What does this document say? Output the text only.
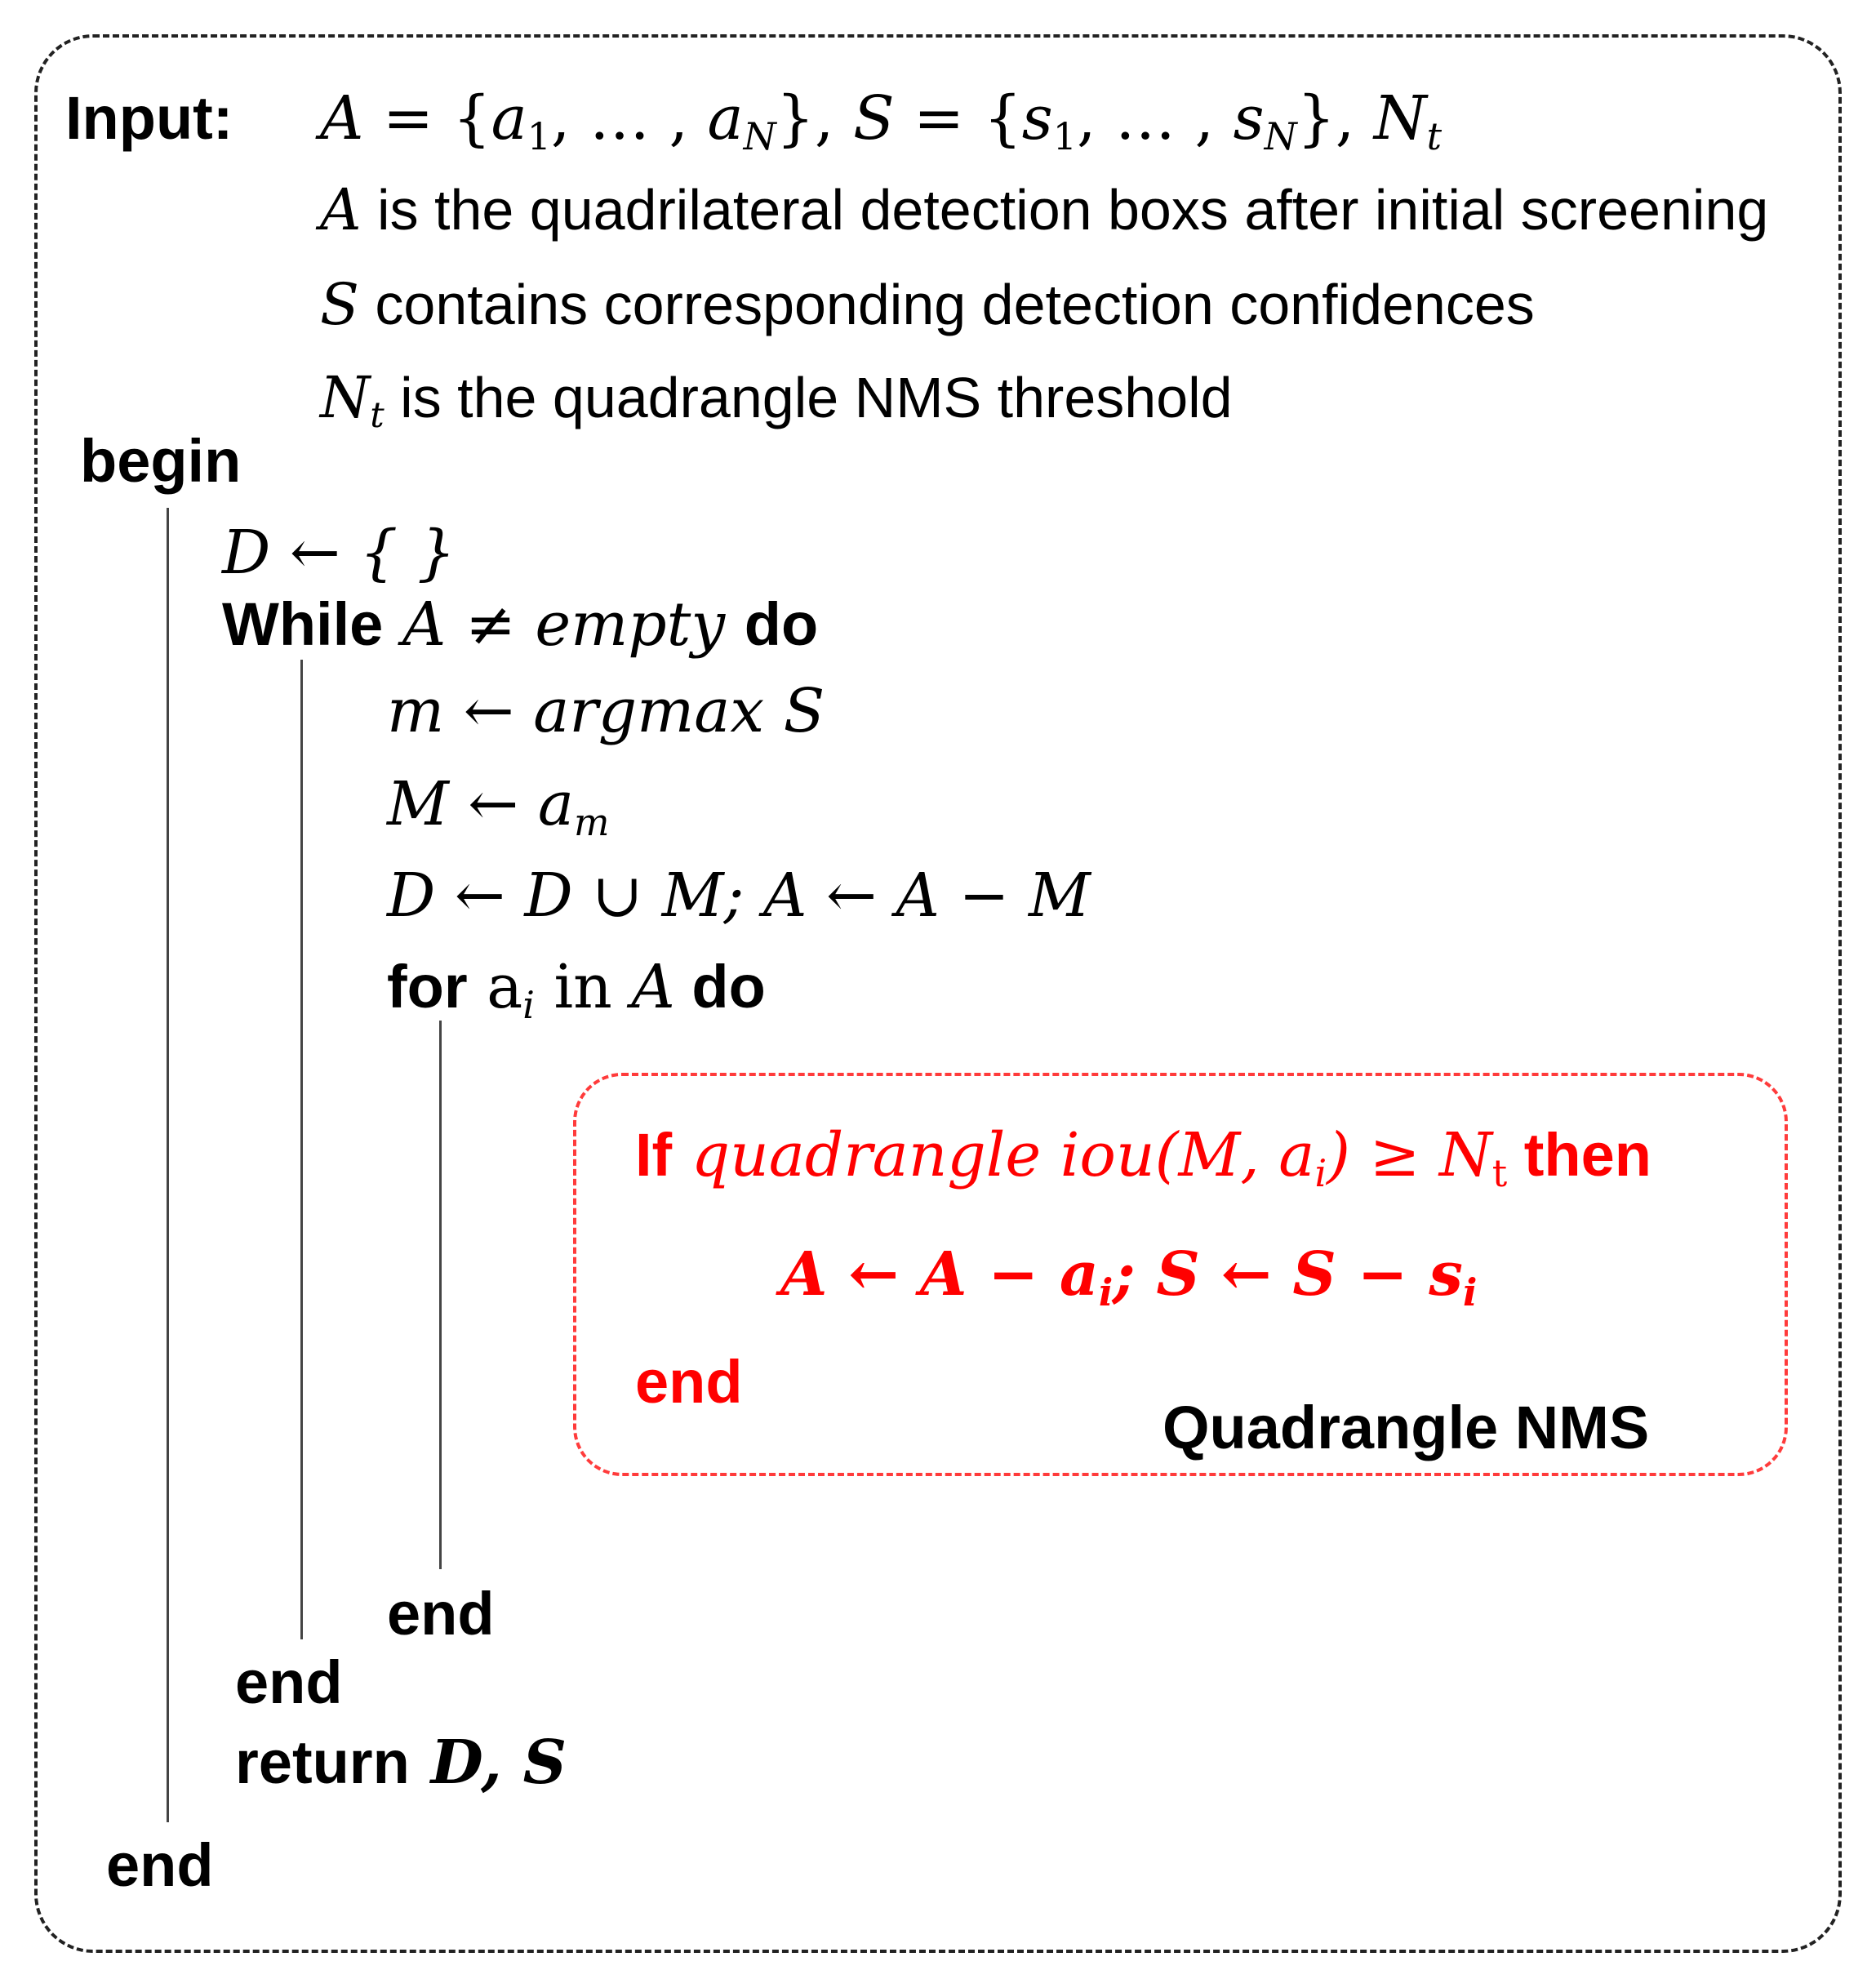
Input: $A = \{a_1$, … , $a_N$}, $S = \{s_1$, … , $s_N$}, $N_t$
A is the quadrilateral detection boxs after initial screening
S contains corresponding detection confidences
$N_t$ is the quadrangle NMS threshold
begin
D ← { }
While A ≠ empty do
m ← argmax S
M ← $a_m$
D ← D ∪ M; A ← A − M
for $a_i$ in A do
If quadrangle iou(M, $a_i) \ge N_t$ then
A ← $A - a_i$; S ← $S - s_i$
end
Quadrangle NMS
end
end
return D, S
end
